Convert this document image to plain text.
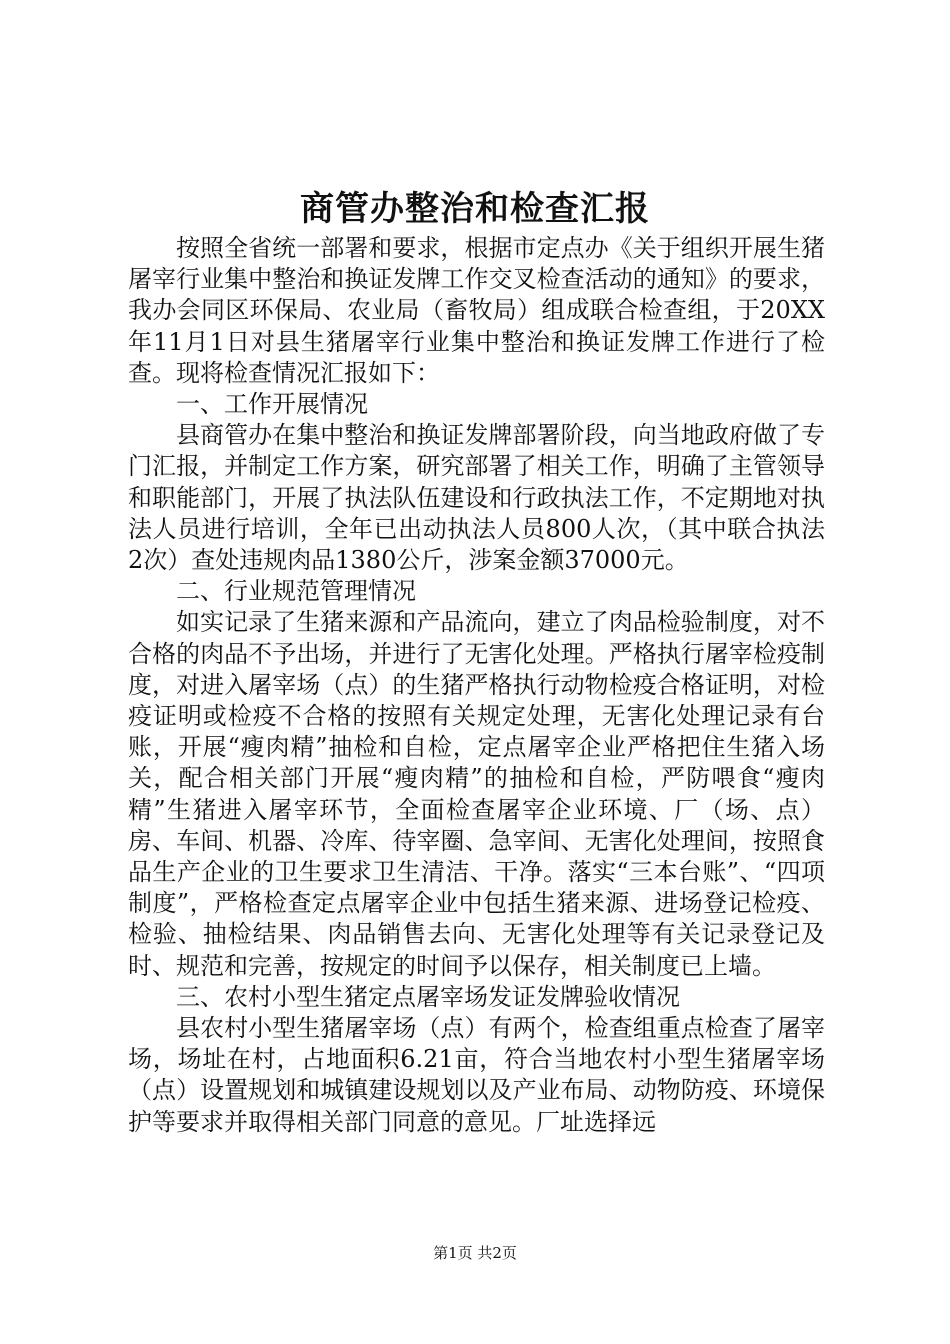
商管办整治和检查汇报

按照全省统一部署和要求，根据市定点办《关于组织开展生猪屠宰行业集中整治和换证发牌工作交叉检查活动的通知》的要求，我办会同区环保局、农业局（畜牧局）组成联合检查组，于20XX年11月1日对县生猪屠宰行业集中整治和换证发牌工作进行了检查。现将检查情况汇报如下：

一、工作开展情况

县商管办在集中整治和换证发牌部署阶段，向当地政府做了专门汇报，并制定工作方案，研究部署了相关工作，明确了主管领导和职能部门，开展了执法队伍建设和行政执法工作，不定期地对执法人员进行培训，全年已出动执法人员800人次，（其中联合执法2次）查处违规肉品1380公斤，涉案金额37000元。

二、行业规范管理情况

如实记录了生猪来源和产品流向，建立了肉品检验制度，对不合格的肉品不予出场，并进行了无害化处理。严格执行屠宰检疫制度，对进入屠宰场（点）的生猪严格执行动物检疫合格证明，对检疫证明或检疫不合格的按照有关规定处理，无害化处理记录有台账，开展“瘦肉精”抽检和自检，定点屠宰企业严格把住生猪入场关，配合相关部门开展“瘦肉精”的抽检和自检，严防喂食“瘦肉精”生猪进入屠宰环节，全面检查屠宰企业环境、厂（场、点）房、车间、机器、冷库、待宰圈、急宰间、无害化处理间，按照食品生产企业的卫生要求卫生清洁、干净。落实“三本台账”、“四项制度”，严格检查定点屠宰企业中包括生猪来源、进场登记检疫、检验、抽检结果、肉品销售去向、无害化处理等有关记录登记及时、规范和完善，按规定的时间予以保存，相关制度已上墙。

三、农村小型生猪定点屠宰场发证发牌验收情况

县农村小型生猪屠宰场（点）有两个，检查组重点检查了屠宰场，场址在村，占地面积6.21亩，符合当地农村小型生猪屠宰场（点）设置规划和城镇建设规划以及产业布局、动物防疫、环境保护等要求并取得相关部门同意的意见。厂址选择远

第1页 共2页
